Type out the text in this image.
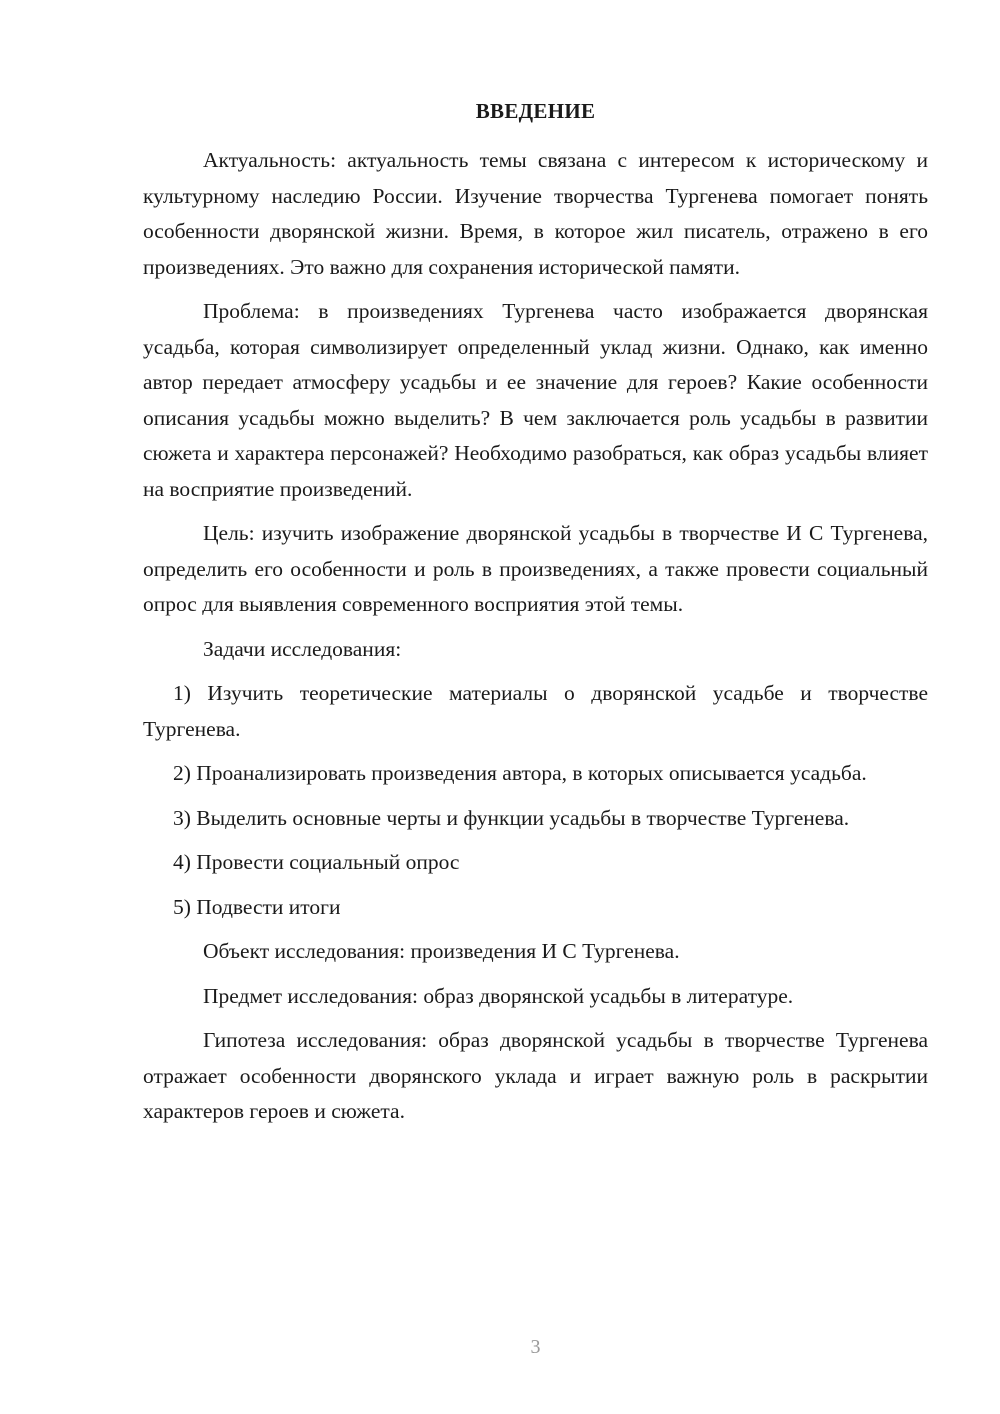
ВВЕДЕНИЕ

Актуальность: актуальность темы связана с интересом к историческому и культурному наследию России. Изучение творчества Тургенева помогает понять особенности дворянской жизни. Время, в которое жил писатель, отражено в его произведениях. Это важно для сохранения исторической памяти.

Проблема: в произведениях Тургенева часто изображается дворянская усадьба, которая символизирует определенный уклад жизни. Однако, как именно автор передает атмосферу усадьбы и ее значение для героев? Какие особенности описания усадьбы можно выделить? В чем заключается роль усадьбы в развитии сюжета и характера персонажей? Необходимо разобраться, как образ усадьбы влияет на восприятие произведений.

Цель: изучить изображение дворянской усадьбы в творчестве И С Тургенева, определить его особенности и роль в произведениях, а также провести социальный опрос для выявления современного восприятия этой темы.

Задачи исследования:

1) Изучить теоретические материалы о дворянской усадьбе и творчестве Тургенева.

2) Проанализировать произведения автора, в которых описывается усадьба.

3) Выделить основные черты и функции усадьбы в творчестве Тургенева.

4) Провести социальный опрос

5) Подвести итоги

Объект исследования: произведения И С Тургенева.

Предмет исследования: образ дворянской усадьбы в литературе.

Гипотеза исследования: образ дворянской усадьбы в творчестве Тургенева отражает особенности дворянского уклада и играет важную роль в раскрытии характеров героев и сюжета.

3
